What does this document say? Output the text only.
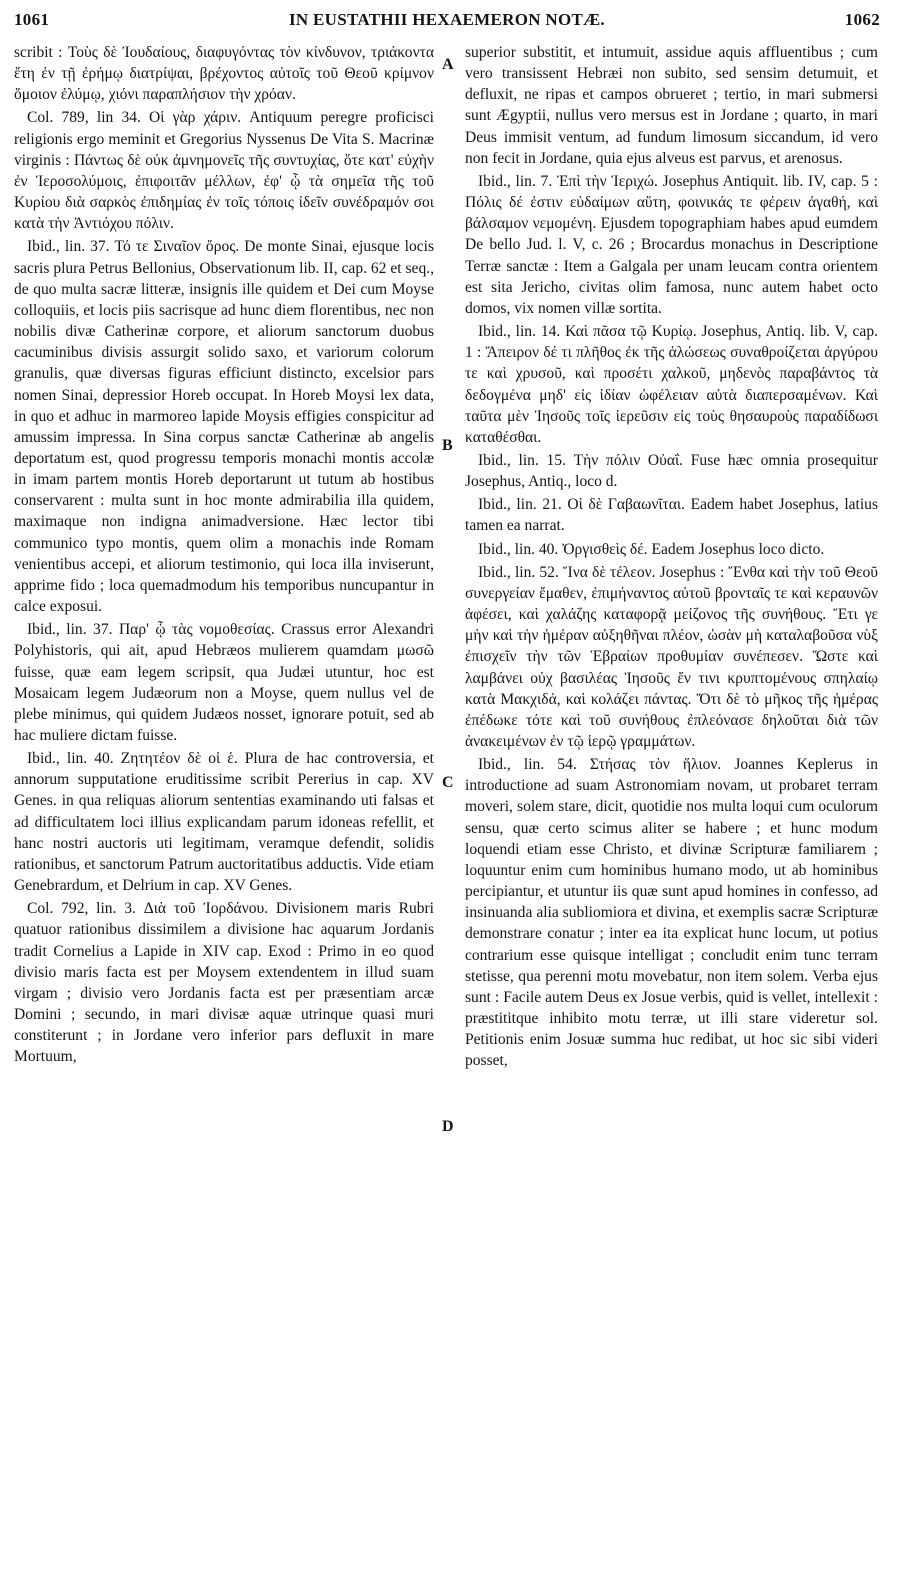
1061	IN EUSTATHII HEXAEMERON NOTÆ.	1062

scribit : Τοὺς δὲ Ἰουδαίους, διαφυγόντας τὸν κίνδυνον, τριάκοντα ἔτη ἐν τῇ ἐρήμῳ διατρίψαι, βρέχοντος αὐτοῖς τοῦ Θεοῦ κρίμνον ὅμοιον ἐλύμῳ, χιόνι παραπλήσιον τὴν χρόαν.

Col. 789, lin 34. Οἱ γὰρ χάριν. Antiquum peregre proficisci religionis ergo meminit et Gregorius Nyssenus De Vita S. Macrinæ virginis : Πάντως δὲ οὐκ ἀμνημονεῖς τῆς συντυχίας, ὅτε κατ' εὐχὴν ἐν Ἱεροσολύμοις, ἐπιφοιτᾶν μέλλων, ἐφ' ᾧ τὰ σημεῖα τῆς τοῦ Κυρίου διὰ σαρκὸς ἐπιδημίας ἐν τοῖς τόποις ἰδεῖν συνέδραμόν σοι κατὰ τὴν Ἀντιόχου πόλιν.

Ibid., lin. 37. Τό τε Σιναῖον ὄρος. De monte Sinai, ejusque locis sacris plura Petrus Bellonius, Observationum lib. II, cap. 62 et seq., de quo multa sacræ litteræ, insignis ille quidem et Dei cum Moyse colloquiis, et locis piis sacrisque ad hunc diem florentibus, nec non nobilis divæ Catherinæ corpore, et aliorum sanctorum duobus cacuminibus divisis assurgit solido saxo, et variorum colorum granulis, quæ diversas figuras efficiunt distincto, excelsior pars nomen Sinai, depressior Horeb occupat. In Horeb Moysi lex data, in quo et adhuc in marmoreo lapide Moysis effigies conspicitur ad amussim impressa. In Sina corpus sanctæ Catherinæ ab angelis deportatum est, quod progressu temporis monachi montis accolæ in imam partem montis Horeb deportarunt ut tutum ab hostibus conservarent : multa sunt in hoc monte admirabilia illa quidem, maximaque non indigna animadversione. Hæc lector tibi communico typo montis, quem olim a monachis inde Romam venientibus accepi, et aliorum testimonio, qui loca illa inviserunt, apprime fido ; loca quemadmodum his temporibus nuncupantur in calce exposui.

Ibid., lin. 37. Παρ' ᾧ τὰς νομοθεσίας. Crassus error Alexandri Polyhistoris, qui ait, apud Hebræos mulierem quamdam μωσῶ fuisse, quæ eam legem scripsit, qua Judæi utuntur, hoc est Mosaicam legem Judæorum non a Moyse, quem nullus vel de plebe minimus, qui quidem Judæos nosset, ignorare potuit, sed ab hac muliere dictam fuisse.

Ibid., lin. 40. Ζητητέον δὲ οἱ ἑ. Plura de hac controversia, et annorum supputatione eruditissime scribit Pererius in cap. XV Genes. in qua reliquas aliorum sententias examinando uti falsas et ad difficultatem loci illius explicandam parum idoneas refellit, et hanc nostri auctoris uti legitimam, veramque defendit, solidis rationibus, et sanctorum Patrum auctoritatibus adductis. Vide etiam Genebrardum, et Delrium in cap. XV Genes.

Col. 792, lin. 3. Διὰ τοῦ Ἰορδάνου. Divisionem maris Rubri quatuor rationibus dissimilem a divisione hac aquarum Jordanis tradit Cornelius a Lapide in XIV cap. Exod : Primo in eo quod divisio maris facta est per Moysem extendentem in illud suam virgam ; divisio vero Jordanis facta est per præsentiam arcæ Domini ; secundo, in mari divisæ aquæ utrinque quasi muri constiterunt ; in Jordane vero inferior pars defluxit in mare Mortuum,

A
B
C
D

superior substitit, et intumuit, assidue aquis affluentibus ; cum vero transissent Hebræi non subito, sed sensim detumuit, et defluxit, ne ripas et campos obrueret ; tertio, in mari submersi sunt Ægyptii, nullus vero mersus est in Jordane ; quarto, in mari Deus immisit ventum, ad fundum limosum siccandum, id vero non fecit in Jordane, quia ejus alveus est parvus, et arenosus.

Ibid., lin. 7. Ἐπὶ τὴν Ἱεριχώ. Josephus Antiquit. lib. IV, cap. 5 : Πόλις δέ ἐστιν εὐδαίμων αὕτη, φοινικάς τε φέρειν ἀγαθή, καὶ βάλσαμον νεμομένη. Ejusdem topographiam habes apud eumdem De bello Jud. l. V, c. 26 ; Brocardus monachus in Descriptione Terræ sanctæ : Item a Galgala per unam leucam contra orientem est sita Jericho, civitas olim famosa, nunc autem habet octo domos, vix nomen villæ sortita.

Ibid., lin. 14. Καὶ πᾶσα τῷ Κυρίῳ. Josephus, Antiq. lib. V, cap. 1 : Ἄπειρον δέ τι πλῆθος ἐκ τῆς ἁλώσεως συναθροίζεται ἀργύρου τε καὶ χρυσοῦ, καὶ προσέτι χαλκοῦ, μηδενὸς παραβάντος τὰ δεδογμένα μηδ' εἰς ἰδίαν ὠφέλειαν αὐτὰ διαπερσαμένων. Καὶ ταῦτα μὲν Ἰησοῦς τοῖς ἱερεῦσιν εἰς τοὺς θησαυροὺς παραδίδωσι καταθέσθαι.

Ibid., lin. 15. Τὴν πόλιν Οὐαΐ. Fuse hæc omnia prosequitur Josephus, Antiq., loco d.

Ibid., lin. 21. Οἱ δὲ Γαβαωνῖται. Eadem habet Josephus, latius tamen ea narrat.

Ibid., lin. 40. Ὀργισθεὶς δέ. Eadem Josephus loco dicto.

Ibid., lin. 52. Ἵνα δὲ τέλεον. Josephus : Ἔνθα καὶ τὴν τοῦ Θεοῦ συνεργείαν ἔμαθεν, ἐπιμήναντος αὐτοῦ βρονταῖς τε καὶ κεραυνῶν ἀφέσει, καὶ χαλάζης καταφορᾷ μείζονος τῆς συνήθους. Ἔτι γε μὴν καὶ τὴν ἡμέραν αὐξηθῆναι πλέον, ὡσὰν μὴ καταλαβοῦσα νὺξ ἐπισχεῖν τὴν τῶν Ἑβραίων προθυμίαν συνέπεσεν. Ὥστε καὶ λαμβάνει οὐχ βασιλέας Ἰησοῦς ἔν τινι κρυπτομένους σπηλαίῳ κατὰ Μακχιδά, καὶ κολάζει πάντας. Ὅτι δὲ τὸ μῆκος τῆς ἡμέρας ἐπέδωκε τότε καὶ τοῦ συνήθους ἐπλεόνασε δηλοῦται διὰ τῶν ἀνακειμένων ἐν τῷ ἱερῷ γραμμάτων.

Ibid., lin. 54. Στήσας τὸν ἥλιον. Joannes Keplerus in introductione ad suam Astronomiam novam, ut probaret terram moveri, solem stare, dicit, quotidie nos multa loqui cum oculorum sensu, quæ certo scimus aliter se habere ; et hunc modum loquendi etiam esse Christo, et divinæ Scripturæ familiarem ; loquuntur enim cum hominibus humano modo, ut ab hominibus percipiantur, et utuntur iis quæ sunt apud homines in confesso, ad insinuanda alia subliomiora et divina, et exemplis sacræ Scripturæ demonstrare conatur ; inter ea ita explicat hunc locum, ut potius contrarium esse quisque intelligat ; concludit enim tunc terram stetisse, qua perenni motu movebatur, non item solem. Verba ejus sunt : Facile autem Deus ex Josue verbis, quid is vellet, intellexit : præstititque inhibito motu terræ, ut illi stare videretur sol. Petitionis enim Josuæ summa huc redibat, ut hoc sic sibi videri posset,
